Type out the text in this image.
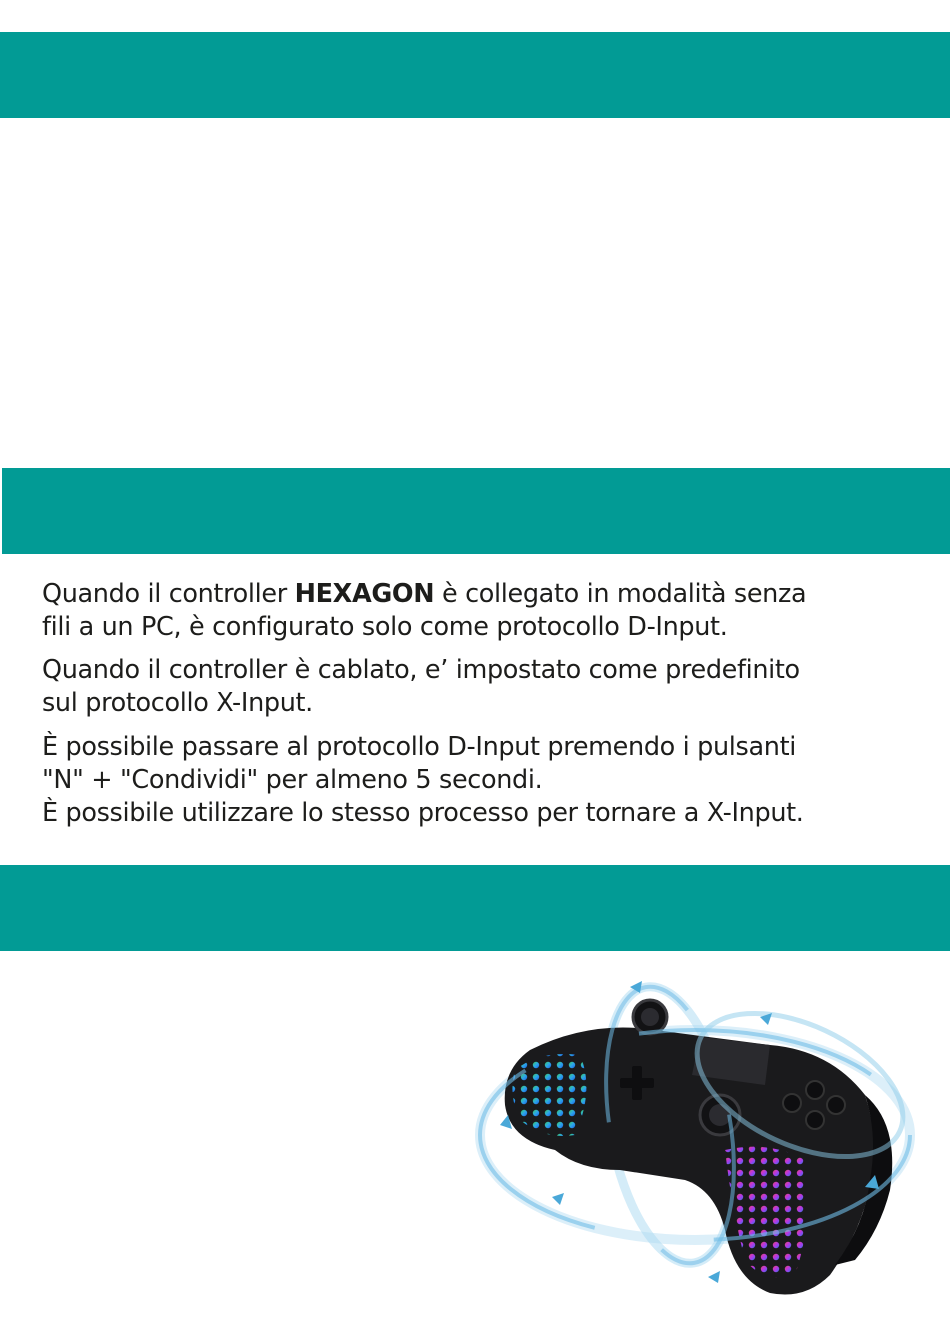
Quando il controller HEXAGON è collegato in modalità senza

fili a un PC, è configurato solo come protocollo D-Input.

Quando il controller è cablato, e’ impostato come predefinito

sul protocollo X-Input.

È possibile passare al protocollo D-Input premendo i pulsanti

"N" + "Condividi" per almeno 5 secondi.

È possibile utilizzare lo stesso processo per tornare a X-Input.
